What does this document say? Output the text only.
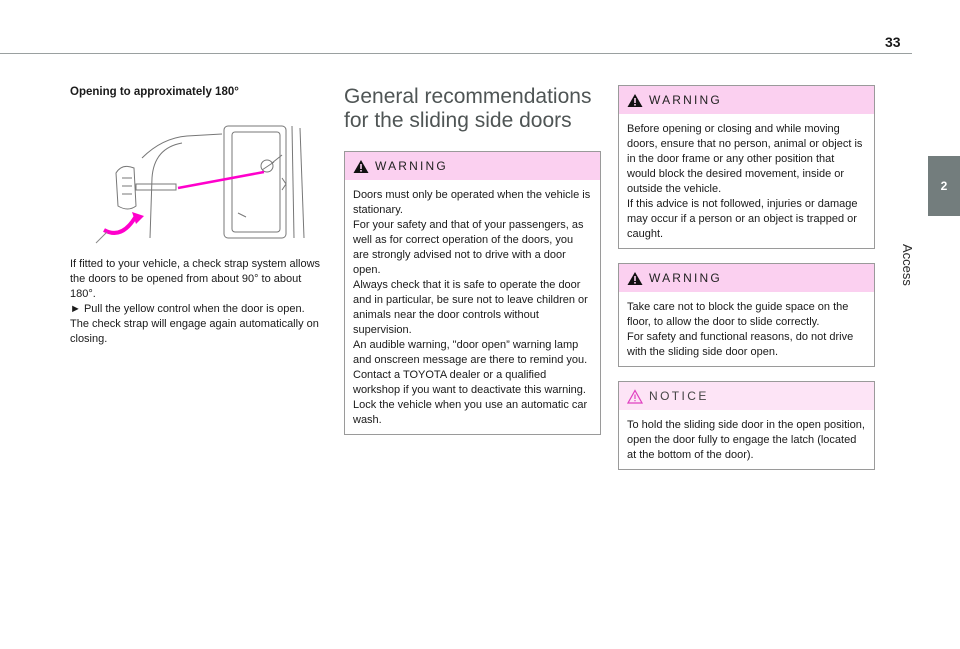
33
2
Access

Opening to approximately 180°

If fitted to your vehicle, a check strap system allows the doors to be opened from about 90° to about 180°.
► Pull the yellow control when the door is open.
The check strap will engage again automatically on closing.

General recommendations for the sliding side doors
WARNING
Doors must only be operated when the vehicle is stationary.
For your safety and that of your passengers, as well as for correct operation of the doors, you are strongly advised not to drive with a door open.
Always check that it is safe to operate the door and in particular, be sure not to leave children or animals near the door controls without supervision.
An audible warning, "door open” warning lamp and onscreen message are there to remind you. Contact a TOYOTA dealer or a qualified workshop if you want to deactivate this warning.
Lock the vehicle when you use an automatic car wash.
WARNING
Before opening or closing and while moving doors, ensure that no person, animal or object is in the door frame or any other position that would block the desired movement, inside or outside the vehicle.
If this advice is not followed, injuries or damage may occur if a person or an object is trapped or caught.
WARNING
Take care not to block the guide space on the floor, to allow the door to slide correctly.
For safety and functional reasons, do not drive with the sliding side door open.
NOTICE
To hold the sliding side door in the open position, open the door fully to engage the latch (located at the bottom of the door).
